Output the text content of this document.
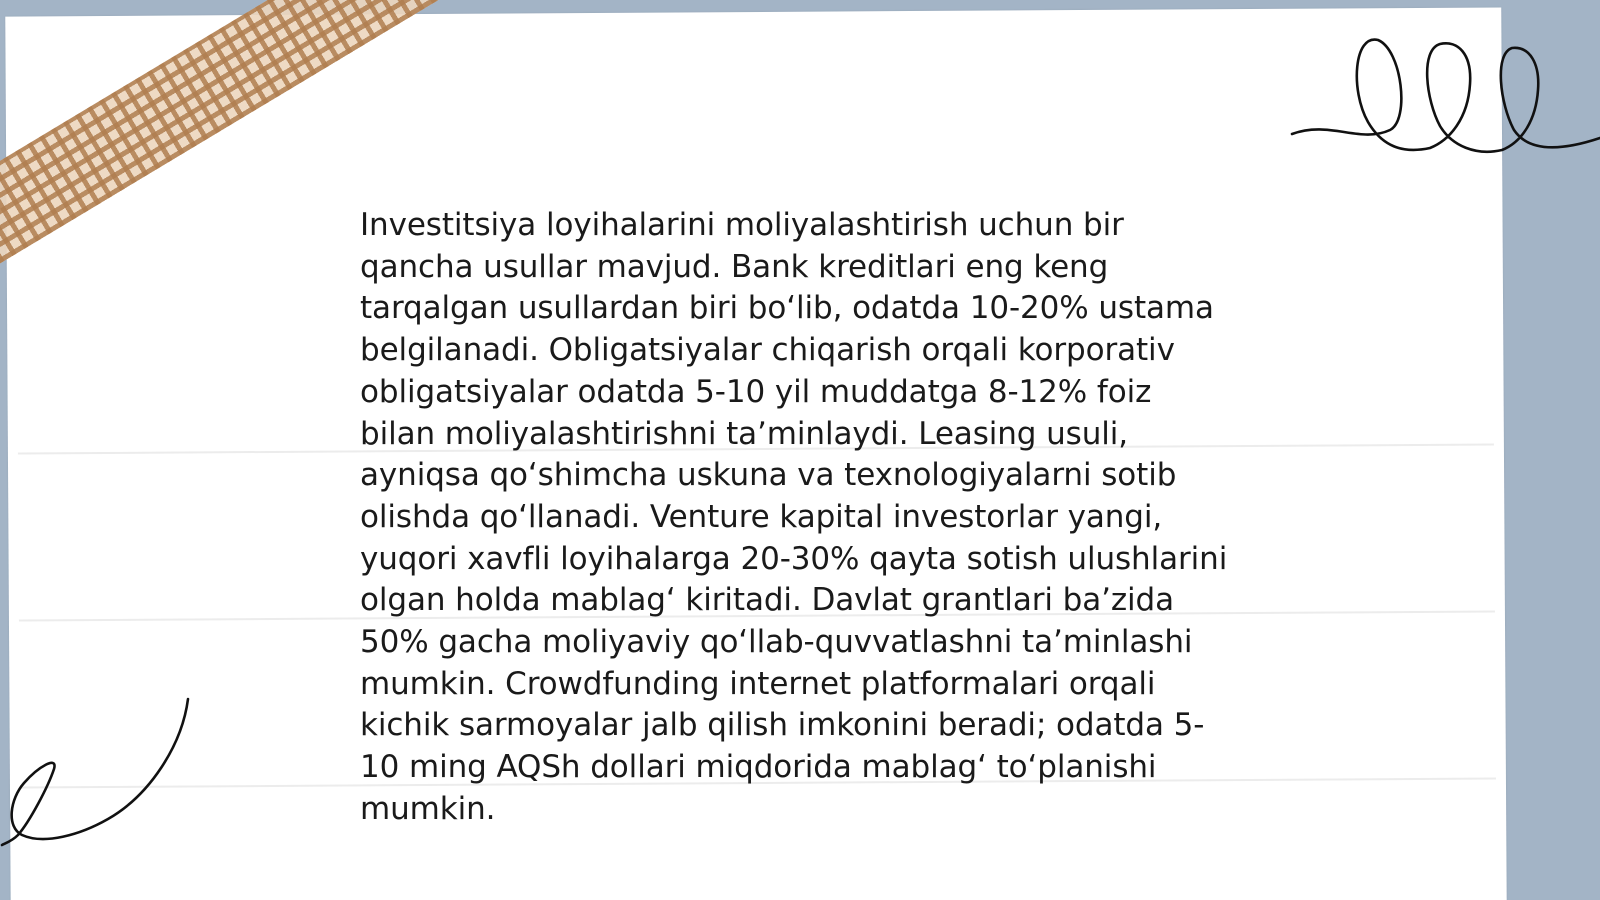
Investitsiya loyihalarini moliyalashtirish uchun bir qancha usullar mavjud. Bank kreditlari eng keng tarqalgan usullardan biri boʻlib, odatda 10-20% ustama belgilanadi. Obligatsiyalar chiqarish orqali korporativ obligatsiyalar odatda 5-10 yil muddatga 8-12% foiz bilan moliyalashtirishni taʼminlaydi. Leasing usuli, ayniqsa qoʻshimcha uskuna va texnologiyalarni sotib olishda qoʻllanadi. Venture kapital investorlar yangi, yuqori xavfli loyihalarga 20-30% qayta sotish ulushlarini olgan holda mablagʻ kiritadi. Davlat grantlari baʼzida 50% gacha moliyaviy qoʻllab-quvvatlashni taʼminlashi mumkin. Crowdfunding internet platformalari orqali kichik sarmoyalar jalb qilish imkonini beradi; odatda 5-10 ming AQSh dollari miqdorida mablagʻ toʻplanishi mumkin.
